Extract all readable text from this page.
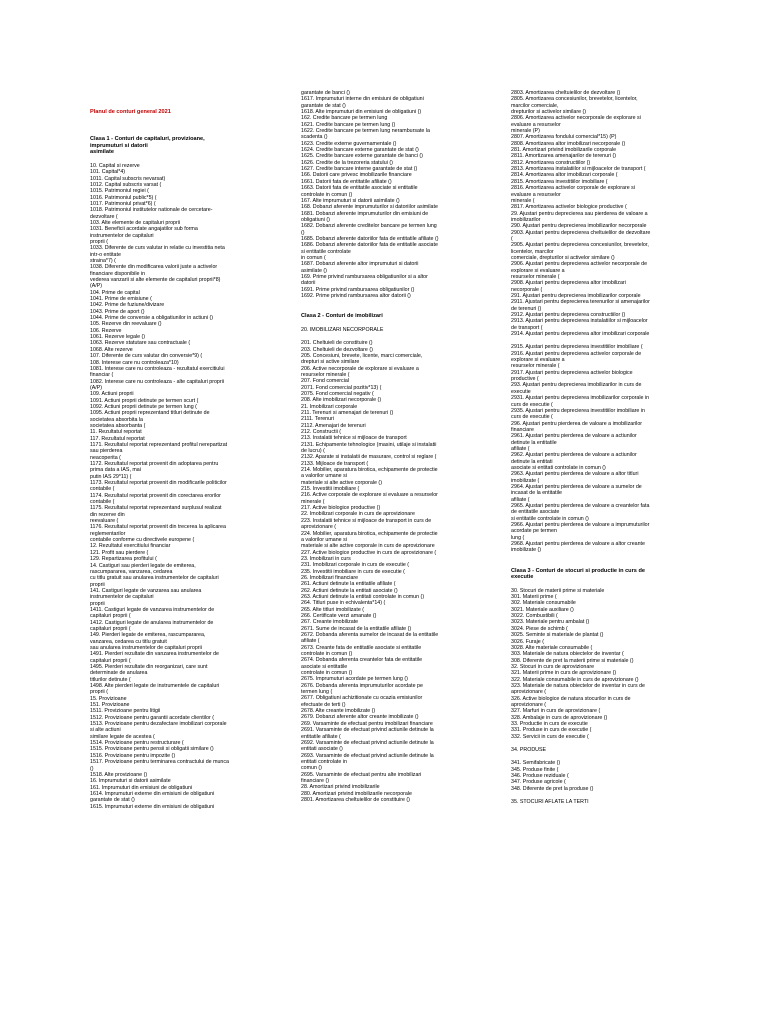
Planul de conturi general 2021
Clasa 1 - Conturi de capitaluri, provizioane,
imprumuturi si datorii
asimilate
10. Capital si rezerve
101. Capital*4)
1011. Capital subscris nevarsat)
1012. Capital subscris varsat (
1015. Patrimoniul regiei (
1016. Patrimoniul public*5) (
1017. Patrimoniul privat*6) (
1018. Patrimoniul institutelor nationale de cercetare-
dezvoltare (
103. Alte elemente de capitaluri proprii
1031. Beneficii acordate angajatilor sub forma
instrumentelor de capitaluri
proprii (
1033. Diferente de curs valutar in relatie cu investitia neta
intr-o entitate
straina*7) (
1038. Diferente din modificarea valorii juste a activelor
financiare disponibile in
vederea vanzarii si alte elemente de capitaluri proprii*8)
(A/P)
104. Prime de capital
1041. Prime de emisiune (
1042. Prime de fuziune/divizare
1043. Prime de aport ()
1044. Prime de conversie a obligatiunilor in actiuni ()
105. Rezerve din reevaluare ()
106. Rezerve
1061. Rezerve legale ()
1063. Rezerve statutare sau contractuale (
1068. Alte rezerve
107. Diferente de curs valutar din conversie*9) (
108. Interese care nu controleaza*10)
1081. Interese care nu controleaza - rezultatul exercitiului
financiar (
1082. Interese care nu controleaza - alte capitaluri proprii
(A/P)
109. Actiuni proprii
1091. Actiuni proprii detinute pe termen scurt (
1092. Actiuni proprii detinute pe termen lung (
1095. Actiuni proprii reprezentand titluri detinute de
societatea absorbita la
societatea absorbanta (
11. Rezultatul reportat
117. Rezultatul reportat
1171. Rezultatul reportat reprezentand profitul nerepartizat
sau pierderea
neacoperita (
1172. Rezultatul reportat provenit din adoptarea pentru
prima data a IAS, mai
putin IAS 29*11) (
1173. Rezultatul reportat provenit din modificarile politicilor
contabile (
1174. Rezultatul reportat provenit din corectarea erorilor
contabile (
1175. Rezultatul reportat reprezentand surplusul realizat
din rezerve din
reevaluare (
1176. Rezultatul reportat provenit din trecerea la aplicarea
reglementarilor
contabile conforme cu directivele europene (
12. Rezultatul exercitiului financiar
121. Profit sau pierdere (
129. Repartizarea profitului (
14. Castiguri sau pierderi legate de emiterea,
rascumpararea, vanzarea, cedarea
cu titlu gratuit sau anularea instrumentelor de capitaluri
proprii
141. Castiguri legate de vanzarea sau anularea
instrumentelor de capitaluri
proprii
1411. Castiguri legate de vanzarea instrumentelor de
capitaluri proprii (
1412. Castiguri legate de anularea instrumentelor de
capitaluri proprii (
149. Pierderi legate de emiterea, rascumpararea,
vanzarea, cedarea cu titlu gratuit
sau anularea instrumentelor de capitaluri proprii
1491. Pierderi rezultate din vanzarea instrumentelor de
capitaluri proprii (
1495. Pierderi rezultate din reorganizari, care sunt
determinate de anularea
titlurilor detinute (
1498. Alte pierderi legate de instrumentele de capitaluri
proprii (
15. Provizioane
151. Provizioane
1511. Provizioane pentru litigii
1512. Provizioane pentru garantii acordate clientilor (
1513. Provizioane pentru dezafectare imobilizari corporale
si alte actiuni
similare legate de acestea (
1514. Provizioane pentru restructurare (
1515. Provizioane pentru pensii si obligatii similare ()
1516. Provizioane pentru impozite ()
1517. Provizioane pentru terminarea contractului de munca
()
1518. Alte provizioane ()
16. Imprumuturi si datorii asimilate
161. Imprumuturi din emisiuni de obligatiuni
1614. Imprumuturi externe din emisiuni de obligatiuni
garantate de stat ()
1615. Imprumuturi externe din emisiuni de obligatiuni
garantate de banci ()
1617. Imprumuturi interne din emisiuni de obligatiuni
garantate de stat ()
1618. Alte imprumuturi din emisiuni de obligatiuni ()
162. Credite bancare pe termen lung
1621. Credite bancare pe termen lung ()
1622. Credite bancare pe termen lung nerambursate la
scadenta ()
1623. Credite externe guvernamentale ()
1624. Credite bancare externe garantate de stat ()
1625. Credite bancare externe garantate de banci ()
1626. Credite de la trezoreria statului ()
1627. Credite bancare interne garantate de stat ()
166. Datorii care privesc imobilizarile financiare
1661. Datorii fata de entitatile afiliate ()
1663. Datorii fata de entitatile asociate si entitatile
controlate in comun ()
167. Alte imprumuturi si datorii asimilate ()
168. Dobanzi aferente imprumuturilor si datoriilor asimilate
1681. Dobanzi aferente imprumuturilor din emisiuni de
obligatiuni ()
1682. Dobanzi aferente creditelor bancare pe termen lung
()
1685. Dobanzi aferente datoriilor fata de entitatile afiliate ()
1686. Dobanzi aferente datoriilor fata de entitatile asociate
si entitatile controlate
in comun (
1687. Dobanzi aferente altor imprumuturi si datorii
asimilate ()
169. Prime privind rambursarea obligatiunilor si a altor
datorii
1691. Prime privind rambursarea obligatiunilor ()
1692. Prime privind rambursarea altor datorii ()
Clasa 2 - Conturi de imobilizari
20. IMOBILIZARI NECORPORALE
201. Cheltuieli de constituire ()
203. Cheltuieli de dezvoltare ()
205. Concesiuni, brevete, licente, marci comerciale,
drepturi si active similare
206. Active necorporale de explorare si evaluare a
resurselor minerale (
207. Fond comercial
2071. Fond comercial pozitiv*13) (
2075. Fond comercial negativ (
208. Alte imobilizari necorporale ()
21. Imobilizari corporale
211. Terenuri si amenajari de terenuri ()
2111. Terenuri
2112. Amenajari de terenuri
212. Constructii (
213. Instalatii tehnice si mijloace de transport
2131. Echipamente tehnologice (masini, utilaje si instalatii
de lucru) (
2132. Aparate si instalatii de masurare, control si reglare (
2133. Mijloace de transport (
214. Mobilier, aparatura birotica, echipamente de protectie
a valorilor umane si
materiale si alte active corporale ()
215. Investitii imobiliare (
216. Active corporale de explorare si evaluare a resurselor
minerale (
217. Active biologice productive ()
22. Imobilizari corporale in curs de aprovizionare
223. Instalatii tehnice si mijloace de transport in curs de
aprovizionare (
224. Mobilier, aparatura birotica, echipamente de protectie
a valorilor umane si
materiale si alte active corporale in curs de aprovizionare
227. Active biologice productive in curs de aprovizionare (
23. Imobilizari in curs
231. Imobilizari corporale in curs de executie (
235. Investitii imobiliare in curs de executie (
26. Imobilizari financiare
261. Actiuni detinute la entitatile afiliate (
262. Actiuni detinute la entitati asociate ()
263. Actiuni detinute la entitati controlate in comun ()
264. Titluri puse in echivalenta*14) (
265. Alte titluri imobilizate (
266. Certificate verzi amanate ()
267. Creante imobilizate
2671. Sume de incasat de la entitatile afiliate ()
2672. Dobanda aferenta sumelor de incasat de la entitatile
afiliate (
2673. Creante fata de entitatile asociate si entitatile
controlate in comun ()
2674. Dobanda aferenta creantelor fata de entitatile
asociate si entitatile
controlate in comun ()
2675. Imprumuturi acordate pe termen lung ()
2676. Dobanda aferenta imprumuturilor acordate pe
termen lung (
2677. Obligatiuni achizitionate cu ocazia emisiunilor
efectuate de terti ()
2678. Alte creante imobilizate ()
2679. Dobanzi aferente altor creante imobilizate ()
269. Varsaminte de efectuat pentru imobilizari financiare
2691. Varsaminte de efectuat privind actiunile detinute la
entitatile afiliate (
2692. Varsaminte de efectuat privind actiunile detinute la
entitati asociate ()
2693. Varsaminte de efectuat privind actiunile detinute la
entitati controlate in
comun ()
2695. Varsaminte de efectuat pentru alte imobilizari
financiare ()
28. Amortizari privind imobilizarile
280. Amortizari privind imobilizarile necorporale
2801. Amortizarea cheltuielilor de constituire ()
2803. Amortizarea cheltuielilor de dezvoltare ()
2805. Amortizarea concesiunilor, brevetelor, licentelor,
marcilor comerciale,
drepturilor si activelor similare ()
2806. Amortizarea activelor necorporale de explorare si
evaluare a resurselor
minerale (P)
2807. Amortizarea fondului comercial*15) (P)
2808. Amortizarea altor imobilizari necorporale ()
281. Amortizari privind imobilizarile corporale
2811. Amortizarea amenajarilor de terenuri ()
2812. Amortizarea constructiilor ()
2813. Amortizarea instalatiilor si mijloacelor de transport (
2814. Amortizarea altor imobilizari corporale (
2815. Amortizarea investitiilor imobiliare (
2816. Amortizarea activelor corporale de explorare si
evaluare a resurselor
minerale (
2817. Amortizarea activelor biologice productive (
29. Ajustari pentru deprecierea sau pierderea de valoare a
imobilizarilor
290. Ajustari pentru deprecierea imobilizarilor necorporale
2903. Ajustari pentru deprecierea cheltuielilor de dezvoltare
(
2905. Ajustari pentru deprecierea concesiunilor, brevetelor,
licentelor, marcilor
comerciale, drepturilor si activelor similare ()
2906. Ajustari pentru deprecierea activelor necorporale de
explorare si evaluare a
resurselor minerale (
2908. Ajustari pentru deprecierea altor imobilizari
necorporale (
291. Ajustari pentru deprecierea imobilizarilor corporale
2911. Ajustari pentru deprecierea terenurilor si amenajarilor
de terenuri ()
2912. Ajustari pentru deprecierea constructiilor ()
2913. Ajustari pentru deprecierea instalatiilor si mijloacelor
de transport (
2914. Ajustari pentru deprecierea altor imobilizari corporale
2915. Ajustari pentru deprecierea investitiilor imobiliare (
2916. Ajustari pentru deprecierea activelor corporale de
explorare si evaluare a
resurselor minerale (
2917. Ajustari pentru deprecierea activelor biologice
productive (
293. Ajustari pentru deprecierea imobilizarilor in curs de
executie
2931. Ajustari pentru deprecierea imobilizarilor corporale in
curs de executie (
2935. Ajustari pentru deprecierea investitiilor imobiliare in
curs de executie (
296. Ajustari pentru pierderea de valoare a imobilizarilor
financiare
2961. Ajustari pentru pierderea de valoare a actiunilor
detinute la entitatile
afiliate (
2962. Ajustari pentru pierderea de valoare a actiunilor
detinute la entitati
asociate si entitati controlate in comun ()
2963. Ajustari pentru pierderea de valoare a altor titluri
imobilizate (
2964. Ajustari pentru pierderea de valoare a sumelor de
incasat de la entitatile
afiliate (
2965. Ajustari pentru pierderea de valoare a creantelor fata
de entitatile asociate
si entitatile controlate in comun ()
2966. Ajustari pentru pierderea de valoare a imprumuturilor
acordate pe termen
lung (
2968. Ajustari pentru pierderea de valoare a altor creante
imobilizate ()
Clasa 3 - Conturi de stocuri si productie in curs de
executie
30. Stocuri de materii prime si materiale
301. Materii prime (
302. Materiale consumabile
3021. Materiale auxiliare ()
3022. Combustibili (
3023. Materiale pentru ambalat ()
3024. Piese de schimb (
3025. Seminte si materiale de plantat ()
3026. Furaje (
3028. Alte materiale consumabile (
303. Materiale de natura obiectelor de inventar (
308. Diferente de pret la materii prime si materiale ()
32. Stocuri in curs de aprovizionare
321. Materii prime in curs de aprovizionare ()
322. Materiale consumabile in curs de aprovizionare ()
323. Materiale de natura obiectelor de inventar in curs de
aprovizionare (
326. Active biologice de natura stocurilor in curs de
aprovizionare (
327. Marfuri in curs de aprovizionare (
328. Ambalaje in curs de aprovizionare ()
33. Productie in curs de executie
331. Produse in curs de executie (
332. Servicii in curs de executie (
34. PRODUSE
341. Semifabricate ()
345. Produse finite (
346. Produse reziduale (
347. Produse agricole (
348. Diferente de pret la produse ()
35. STOCURI AFLATE LA TERTI
